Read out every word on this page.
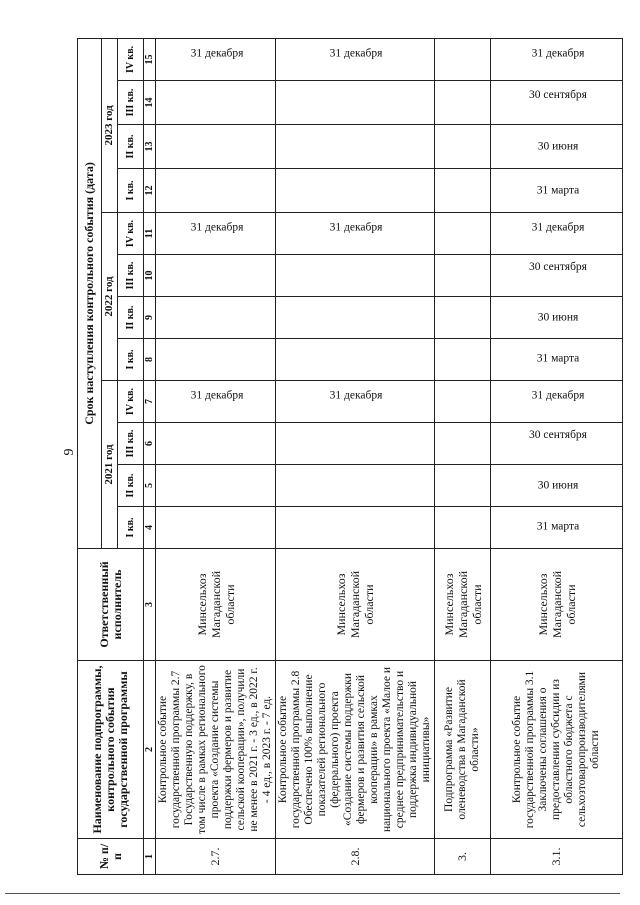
9
№ п/п	Наименование подпрограммы, контрольного события государственной программы	Ответственный исполнитель	Срок наступления контрольного события (дата)											
			2021 год				2022 год				2023 год			
			I кв.	II кв.	III кв.	IV кв.	I кв.	II кв.	III кв.	IV кв.	I кв.	II кв.	III кв.	IV кв.
1	2	3	4	5	6	7	8	9	10	11	12	13	14	15
2.7.	Контрольное событие государственной программы 2.7 Государственную поддержку, в том числе в рамках регионального проекта «Создание системы поддержки фермеров и развитие сельской кооперации», получили не менее в 2021 г. - 3 ед., в 2022 г. - 4 ед., в 2023 г. - 7 ед.	Минсельхоз Магаданской области				31 декабря				31 декабря				31 декабря
2.8.	Контрольное событие государственной программы 2.8 Обеспечено 100% выполнение показателей регионального (федерального) проекта «Создание системы поддержки фермеров и развития сельской кооперации» в рамках национального проекта «Малое и среднее предпринимательство и поддержка индивидуальной инициативы»	Минсельхоз Магаданской области				31 декабря				31 декабря				31 декабря
3.	Подпрограмма «Развитие оленеводства в Магаданской области»	Минсельхоз Магаданской области												
3.1.	Контрольное событие государственной программы 3.1 Заключены соглашения о предоставлении субсидии из областного бюджета с сельхозтоваропроизводителями области	Минсельхоз Магаданской области	31 марта	30 июня	30 сентября	31 декабря	31 марта	30 июня	30 сентября	31 декабря	31 марта	30 июня	30 сентября	31 декабря
